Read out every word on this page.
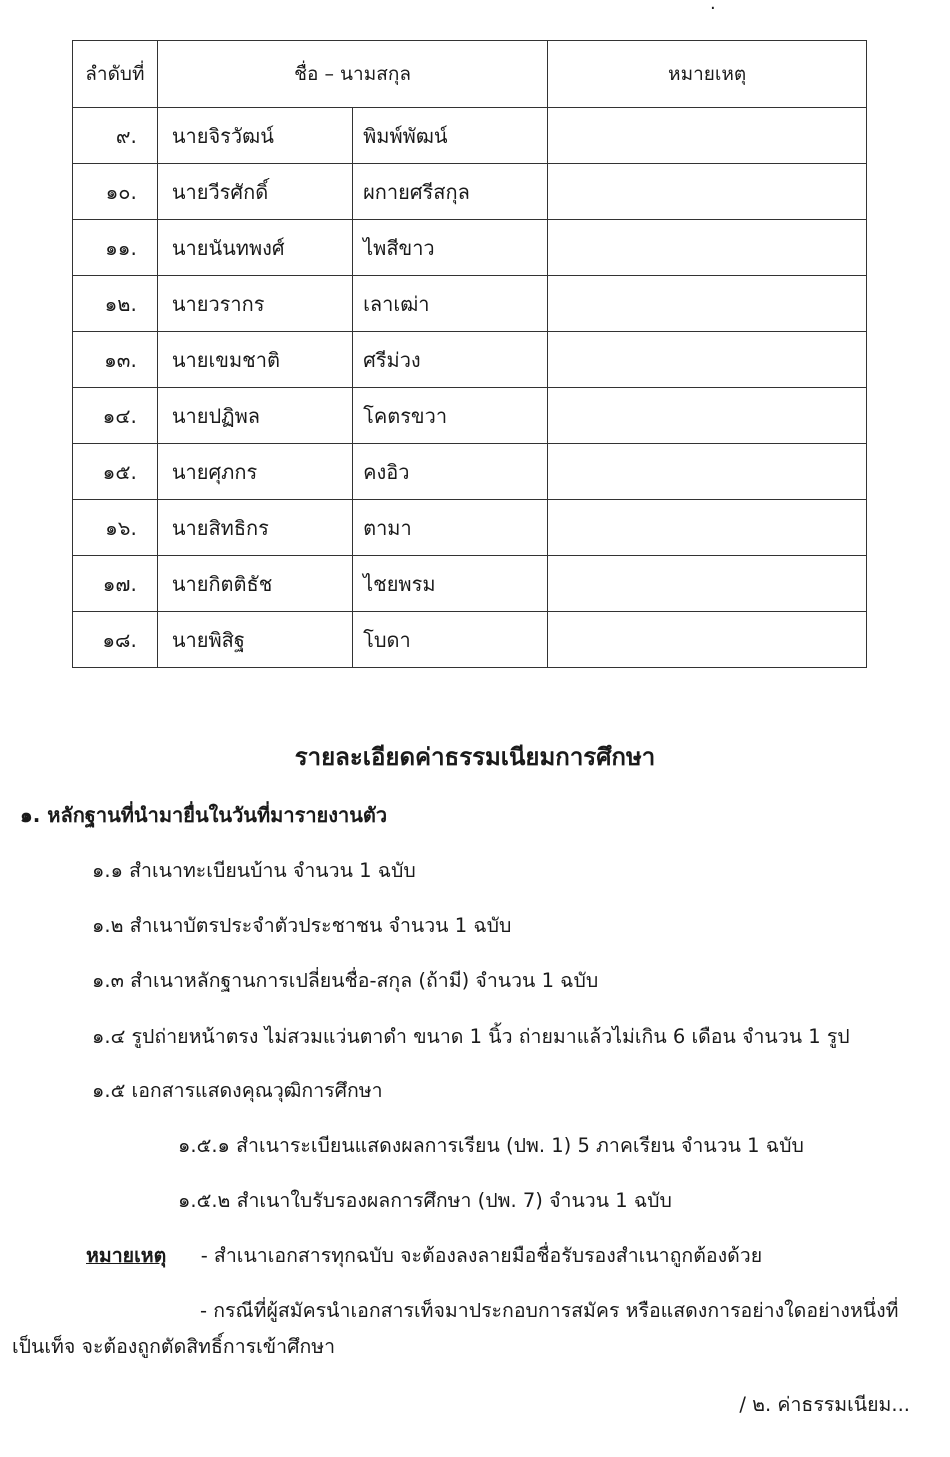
·
ลำดับที่	ชื่อ – นามสกุล		หมายเหตุ
๙.	นายจิรวัฒน์	พิมพ์พัฒน์	
๑๐.	นายวีรศักดิ์	ผกายศรีสกุล	
๑๑.	นายนันทพงศ์	ไพสีขาว	
๑๒.	นายวรากร	เลาเฒ่า	
๑๓.	นายเขมชาติ	ศรีม่วง	
๑๔.	นายปฏิพล	โคตรขวา	
๑๕.	นายศุภกร	คงอิว	
๑๖.	นายสิทธิกร	ตามา	
๑๗.	นายกิตติธัช	ไชยพรม	
๑๘.	นายพิสิฐ	โบดา	
รายละเอียดค่าธรรมเนียมการศึกษา
๑. หลักฐานที่นำมายื่นในวันที่มารายงานตัว
๑.๑ สำเนาทะเบียนบ้าน จำนวน 1 ฉบับ
๑.๒ สำเนาบัตรประจำตัวประชาชน จำนวน 1 ฉบับ
๑.๓ สำเนาหลักฐานการเปลี่ยนชื่อ-สกุล (ถ้ามี) จำนวน 1 ฉบับ
๑.๔ รูปถ่ายหน้าตรง ไม่สวมแว่นตาดำ ขนาด 1 นิ้ว ถ่ายมาแล้วไม่เกิน 6 เดือน จำนวน 1 รูป
๑.๕ เอกสารแสดงคุณวุฒิการศึกษา
๑.๕.๑ สำเนาระเบียนแสดงผลการเรียน (ปพ. 1) 5 ภาคเรียน จำนวน 1 ฉบับ
๑.๕.๒ สำเนาใบรับรองผลการศึกษา (ปพ. 7) จำนวน 1 ฉบับ
หมายเหตุ - สำเนาเอกสารทุกฉบับ จะต้องลงลายมือชื่อรับรองสำเนาถูกต้องด้วย
- กรณีที่ผู้สมัครนำเอกสารเท็จมาประกอบการสมัคร หรือแสดงการอย่างใดอย่างหนึ่งที่
เป็นเท็จ จะต้องถูกตัดสิทธิ์การเข้าศึกษา
/ ๒. ค่าธรรมเนียม...
